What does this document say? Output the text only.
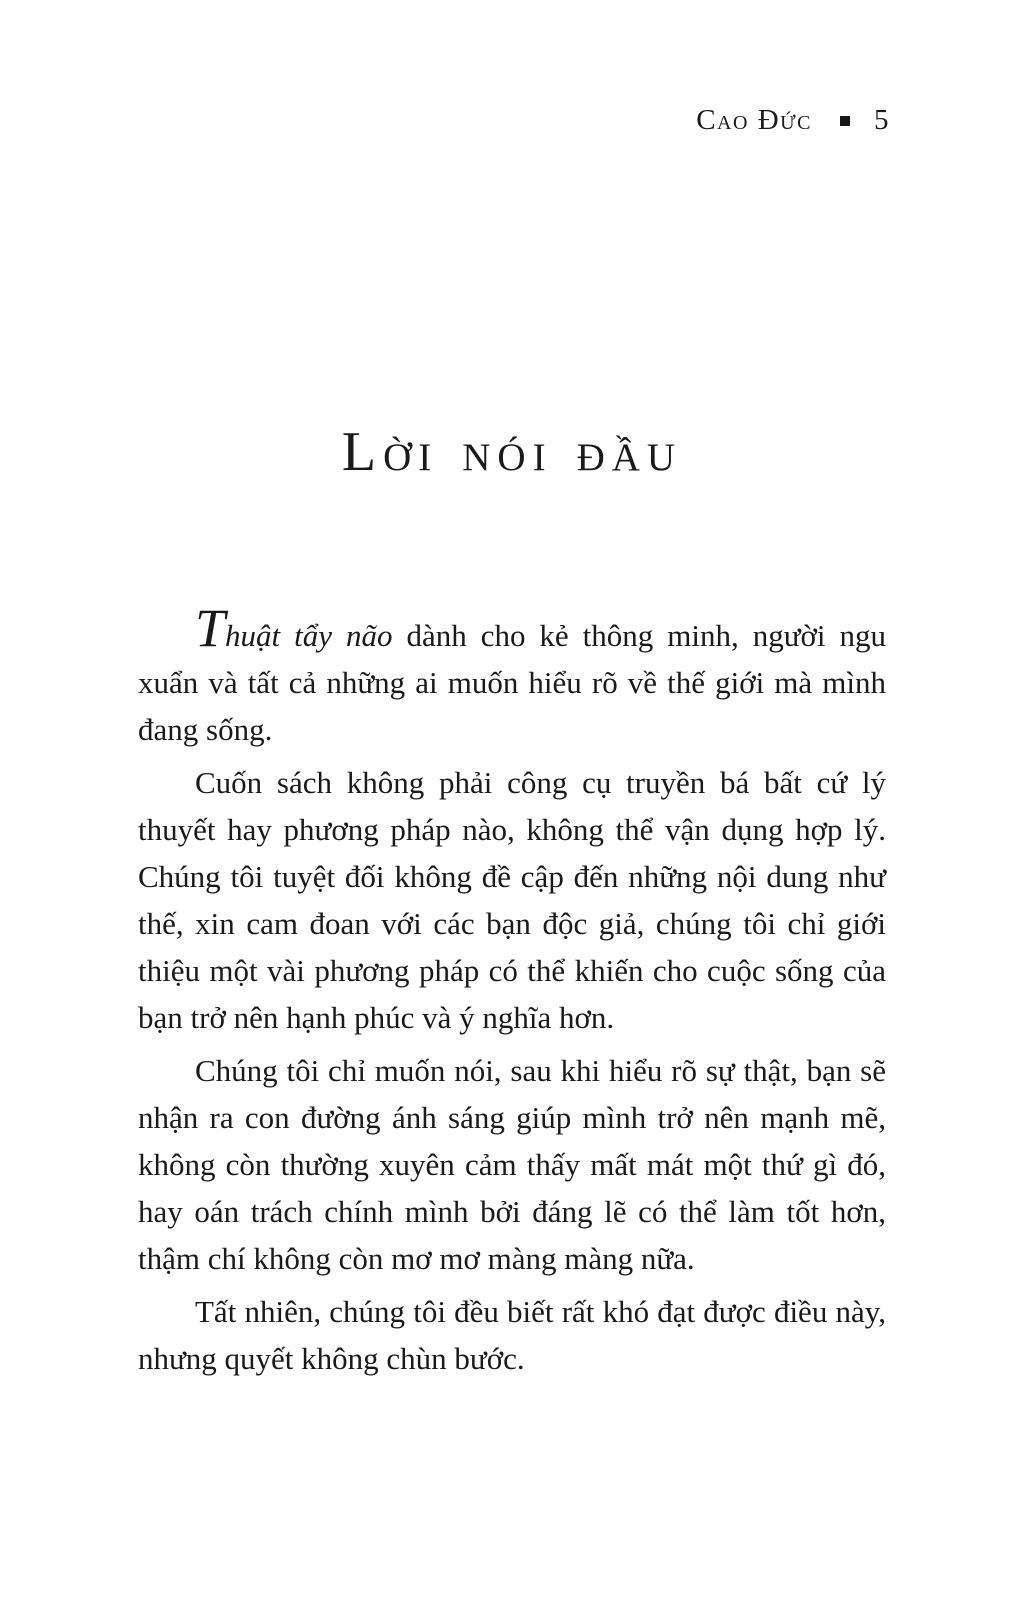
Cao Đức 5
Lời nói đầu

Thuật tẩy não dành cho kẻ thông minh, người ngu xuẩn và tất cả những ai muốn hiểu rõ về thế giới mà mình đang sống.

Cuốn sách không phải công cụ truyền bá bất cứ lý thuyết hay phương pháp nào, không thể vận dụng hợp lý. Chúng tôi tuyệt đối không đề cập đến những nội dung như thế, xin cam đoan với các bạn độc giả, chúng tôi chỉ giới thiệu một vài phương pháp có thể khiến cho cuộc sống của bạn trở nên hạnh phúc và ý nghĩa hơn.

Chúng tôi chỉ muốn nói, sau khi hiểu rõ sự thật, bạn sẽ nhận ra con đường ánh sáng giúp mình trở nên mạnh mẽ, không còn thường xuyên cảm thấy mất mát một thứ gì đó, hay oán trách chính mình bởi đáng lẽ có thể làm tốt hơn, thậm chí không còn mơ mơ màng màng nữa.

Tất nhiên, chúng tôi đều biết rất khó đạt được điều này, nhưng quyết không chùn bước.
